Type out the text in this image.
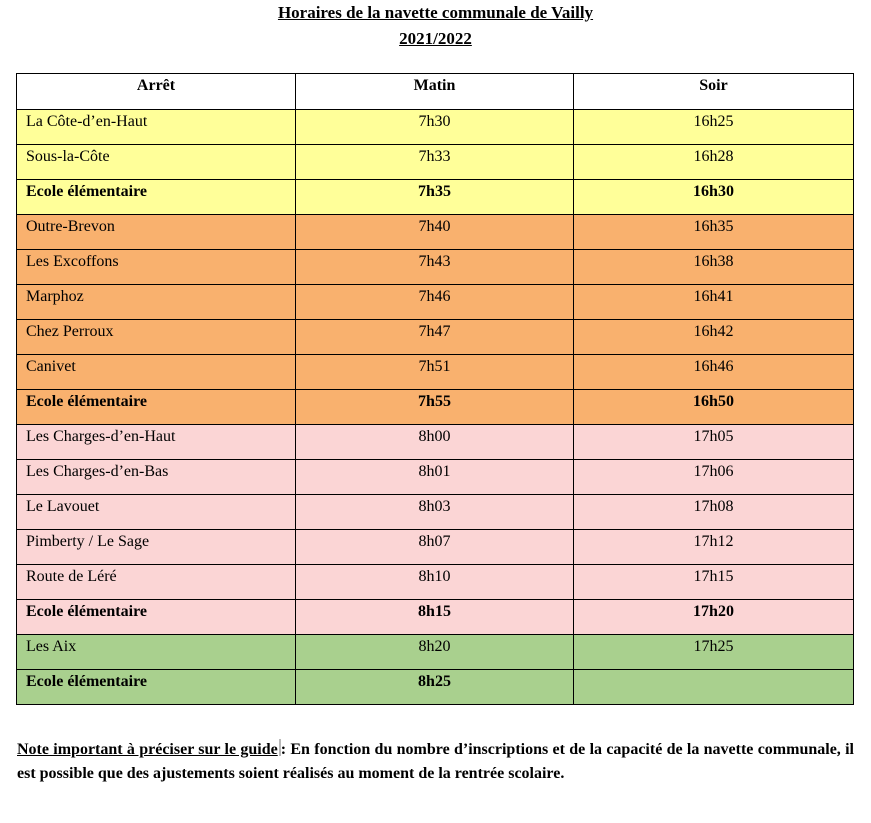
Horaires de la navette communale de Vailly
2021/2022
Arrêt	Matin	Soir
La Côte-d’en-Haut	7h30	16h25
Sous-la-Côte	7h33	16h28
Ecole élémentaire	7h35	16h30
Outre-Brevon	7h40	16h35
Les Excoffons	7h43	16h38
Marphoz	7h46	16h41
Chez Perroux	7h47	16h42
Canivet	7h51	16h46
Ecole élémentaire	7h55	16h50
Les Charges-d’en-Haut	8h00	17h05
Les Charges-d’en-Bas	8h01	17h06
Le Lavouet	8h03	17h08
Pimberty / Le Sage	8h07	17h12
Route de Léré	8h10	17h15
Ecole élémentaire	8h15	17h20
Les Aix	8h20	17h25
Ecole élémentaire	8h25	
Note important à préciser sur le guide : En fonction du nombre d’inscriptions et de la capacité de la navette communale, il est possible que des ajustements soient réalisés au moment de la rentrée scolaire.
